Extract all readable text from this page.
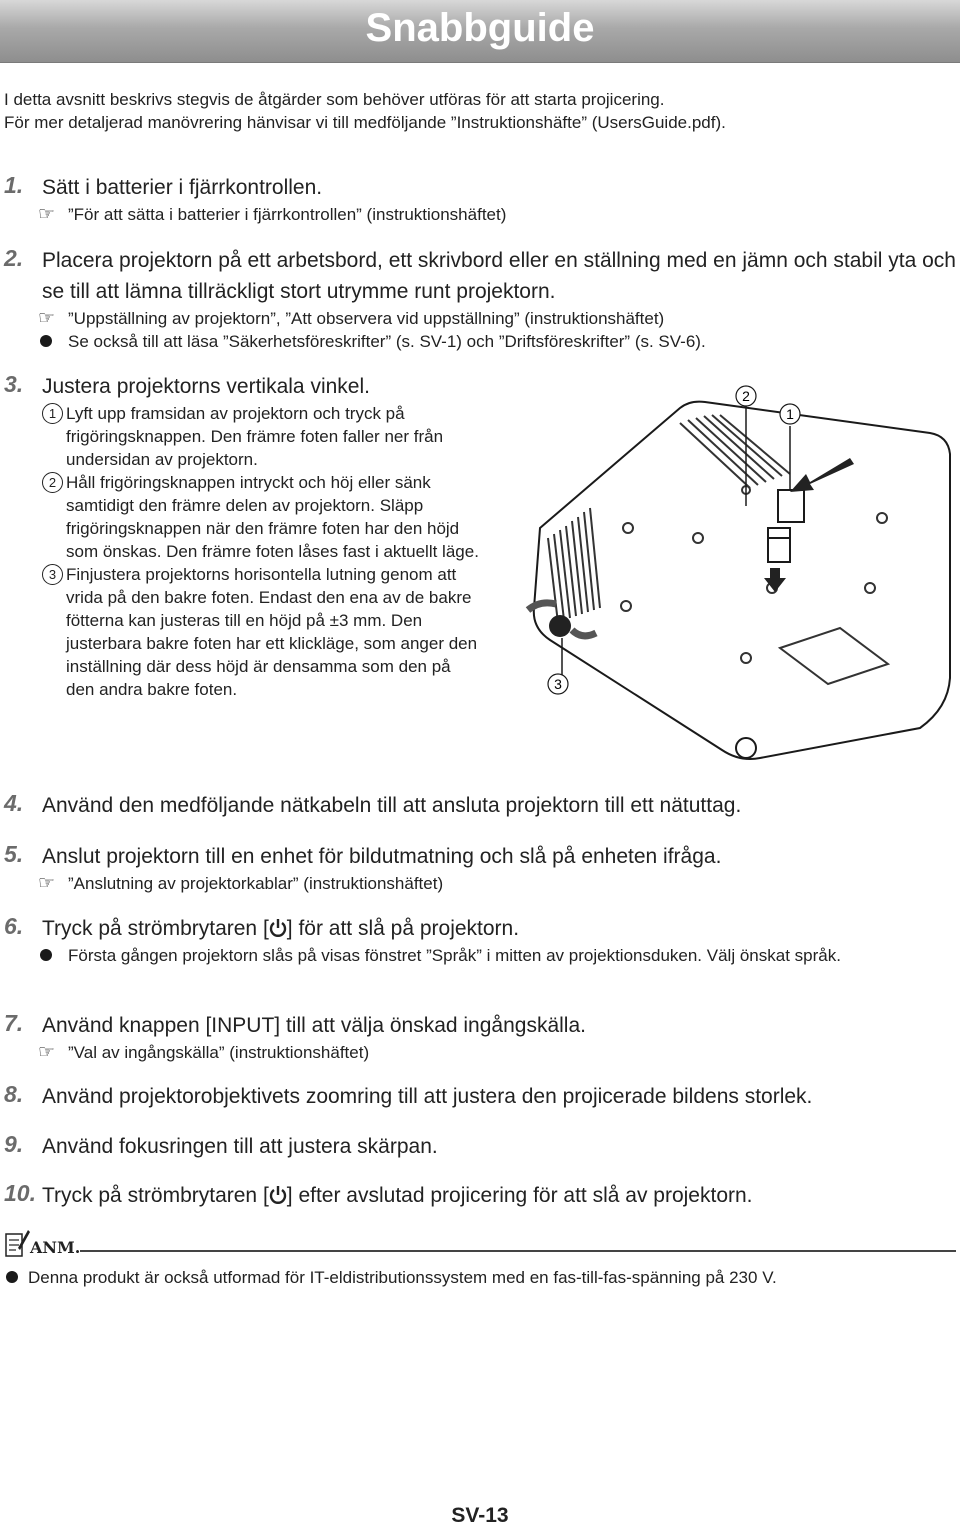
Snabbguide
I detta avsnitt beskrivs stegvis de åtgärder som behöver utföras för att starta projicering.
För mer detaljerad manövrering hänvisar vi till medföljande ”Instruktionshäfte” (UsersGuide.pdf).
1. Sätt i batterier i fjärrkontrollen.
☞ ”För att sätta i batterier i fjärrkontrollen” (instruktionshäftet)
2. Placera projektorn på ett arbetsbord, ett skrivbord eller en ställning med en jämn och stabil yta och se till att lämna tillräckligt stort utrymme runt projektorn.
☞ ”Uppställning av projektorn”, ”Att observera vid uppställning” (instruktionshäftet)
Se också till att läsa ”Säkerhetsföreskrifter” (s. SV-1) och ”Driftsföreskrifter” (s. SV-6).
3. Justera projektorns vertikala vinkel.
1 Lyft upp framsidan av projektorn och tryck på frigöringsknappen. Den främre foten faller ner från undersidan av projektorn.
2 Håll frigöringsknappen intryckt och höj eller sänk samtidigt den främre delen av projektorn. Släpp frigöringsknappen när den främre foten har den höjd som önskas. Den främre foten låses fast i aktuellt läge.
3 Finjustera projektorns horisontella lutning genom att vrida på den bakre foten. Endast den ena av de bakre fötterna kan justeras till en höjd på ±3 mm. Den justerbara bakre foten har ett klickläge, som anger den inställning där dess höjd är densamma som den på den andra bakre foten.
2
1
3
4. Använd den medföljande nätkabeln till att ansluta projektorn till ett nätuttag.
5. Anslut projektorn till en enhet för bildutmatning och slå på enheten ifråga.
☞ ”Anslutning av projektorkablar” (instruktionshäftet)
6. Tryck på strömbrytaren [ ] för att slå på projektorn.
Första gången projektorn slås på visas fönstret ”Språk” i mitten av projektionsduken. Välj önskat språk.
7. Använd knappen [INPUT] till att välja önskad ingångskälla.
☞ ”Val av ingångskälla” (instruktionshäftet)
8. Använd projektorobjektivets zoomring till att justera den projicerade bildens storlek.
9. Använd fokusringen till att justera skärpan.
10. Tryck på strömbrytaren [ ] efter avslutad projicering för att slå av projektorn.
ANM.
Denna produkt är också utformad för IT-eldistributionssystem med en fas-till-fas-spänning på 230 V.
SV-13
